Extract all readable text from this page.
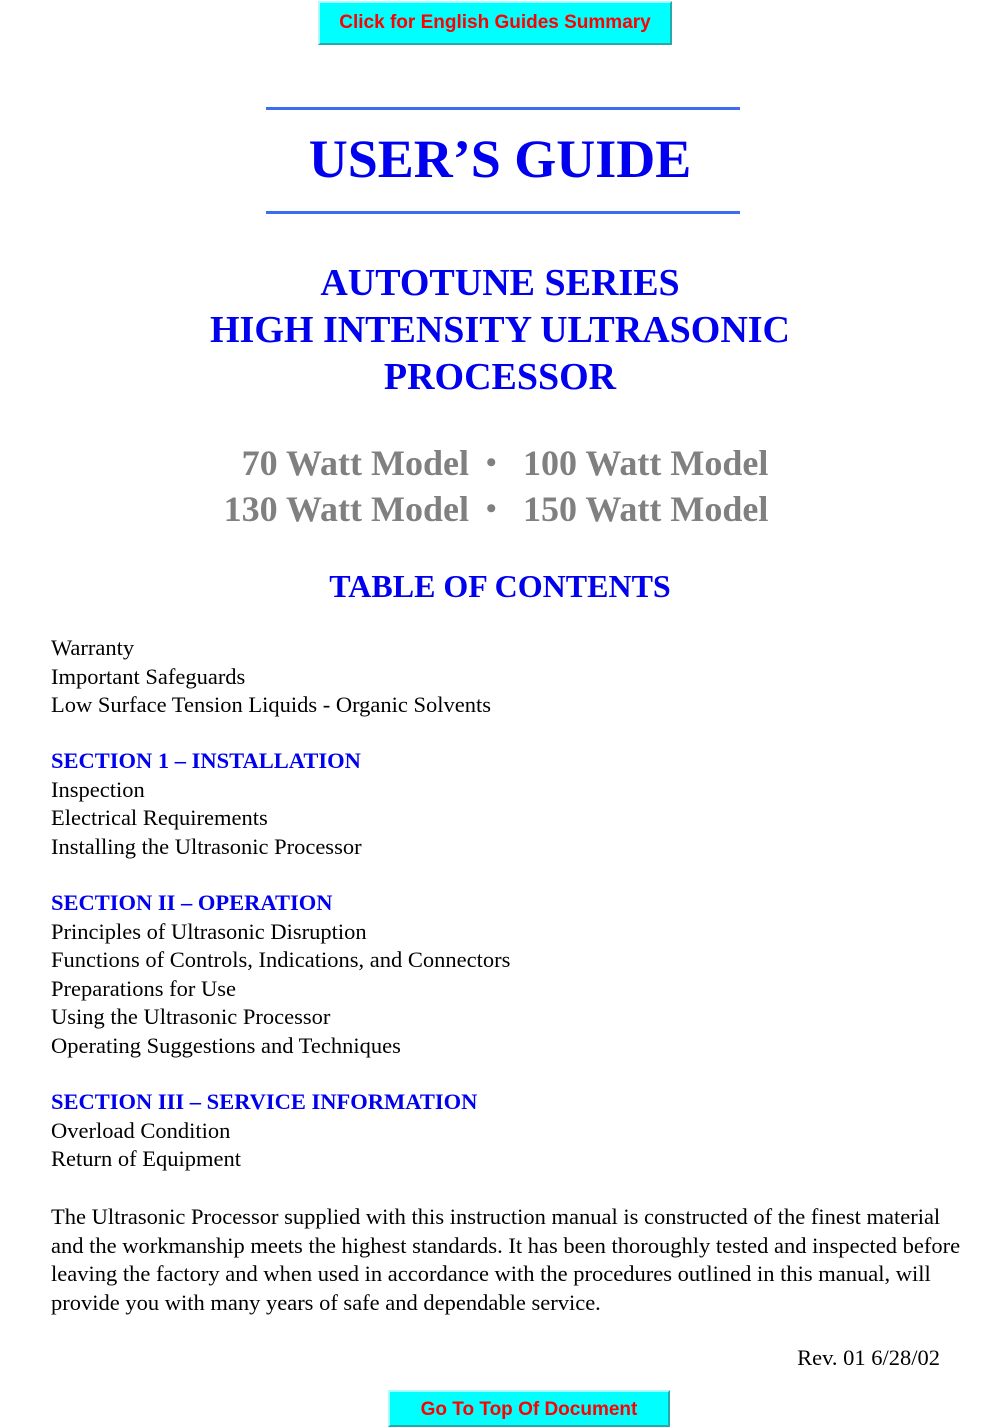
Click for English Guides Summary
USER’S GUIDE
AUTOTUNE SERIES
HIGH INTENSITY ULTRASONIC
PROCESSOR
70 Watt Model • 100 Watt Model
130 Watt Model • 150 Watt Model
TABLE OF CONTENTS
Warranty
Important Safeguards
Low Surface Tension Liquids - Organic Solvents
SECTION 1 – INSTALLATION
Inspection
Electrical Requirements
Installing the Ultrasonic Processor
SECTION II – OPERATION
Principles of Ultrasonic Disruption
Functions of Controls, Indications, and Connectors
Preparations for Use
Using the Ultrasonic Processor
Operating Suggestions and Techniques
SECTION III – SERVICE INFORMATION
Overload Condition
Return of Equipment
The Ultrasonic Processor supplied with this instruction manual is constructed of the finest material and the workmanship meets the highest standards. It has been thoroughly tested and inspected before leaving the factory and when used in accordance with the procedures outlined in this manual, will provide you with many years of safe and dependable service.
Rev. 01 6/28/02
Go To Top Of Document
